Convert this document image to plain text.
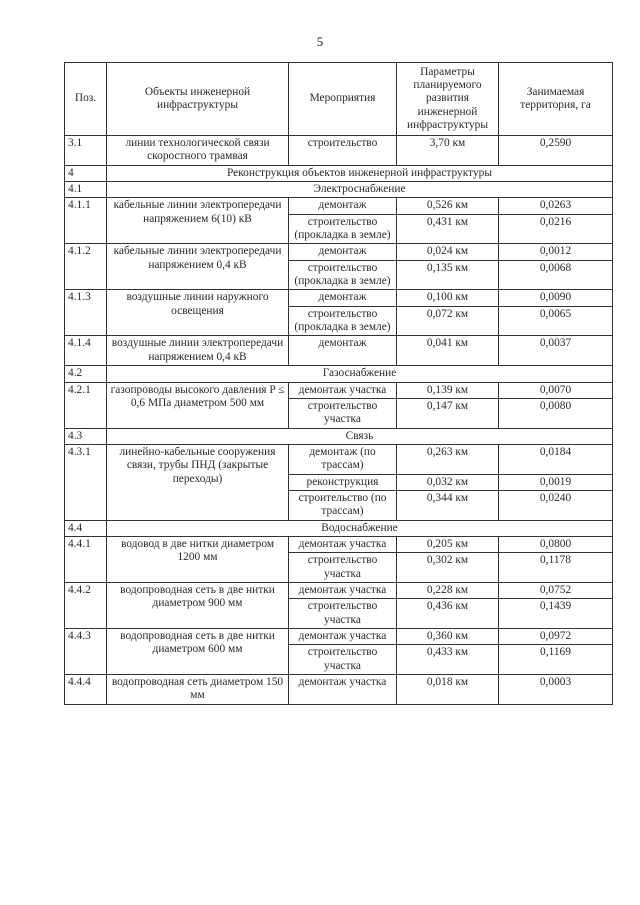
5
Поз.	Объекты инженерной инфраструктуры	Мероприятия	Параметры планируемого развития инженерной инфраструктуры	Занимаемая территория, га
3.1	линии технологической связи скоростного трамвая	строительство	3,70 км	0,2590
4	Реконструкция объектов инженерной инфраструктуры			
4.1	Электроснабжение			
4.1.1	кабельные линии электропередачи напряжением 6(10) кВ	демонтаж	0,526 км	0,0263
		строительство (прокладка в земле)	0,431 км	0,0216
4.1.2	кабельные линии электропередачи напряжением 0,4 кВ	демонтаж	0,024 км	0,0012
		строительство (прокладка в земле)	0,135 км	0,0068
4.1.3	воздушные линии наружного освещения	демонтаж	0,100 км	0,0090
		строительство (прокладка в земле)	0,072 км	0,0065
4.1.4	воздушные линии электропередачи напряжением 0,4 кВ	демонтаж	0,041 км	0,0037
4.2	Газоснабжение			
4.2.1	газопроводы высокого давления P ≤ 0,6 МПа диаметром 500 мм	демонтаж участка	0,139 км	0,0070
		строительство участка	0,147 км	0,0080
4.3	Связь			
4.3.1	линейно-кабельные сооружения связи, трубы ПНД (закрытые переходы)	демонтаж (по трассам)	0,263 км	0,0184
		реконструкция	0,032 км	0,0019
		строительство (по трассам)	0,344 км	0,0240
4.4	Водоснабжение			
4.4.1	водовод в две нитки диаметром 1200 мм	демонтаж участка	0,205 км	0,0800
		строительство участка	0,302 км	0,1178
4.4.2	водопроводная сеть в две нитки диаметром 900 мм	демонтаж участка	0,228 км	0,0752
		строительство участка	0,436 км	0,1439
4.4.3	водопроводная сеть в две нитки диаметром 600 мм	демонтаж участка	0,360 км	0,0972
		строительство участка	0,433 км	0,1169
4.4.4	водопроводная сеть диаметром 150 мм	демонтаж участка	0,018 км	0,0003
